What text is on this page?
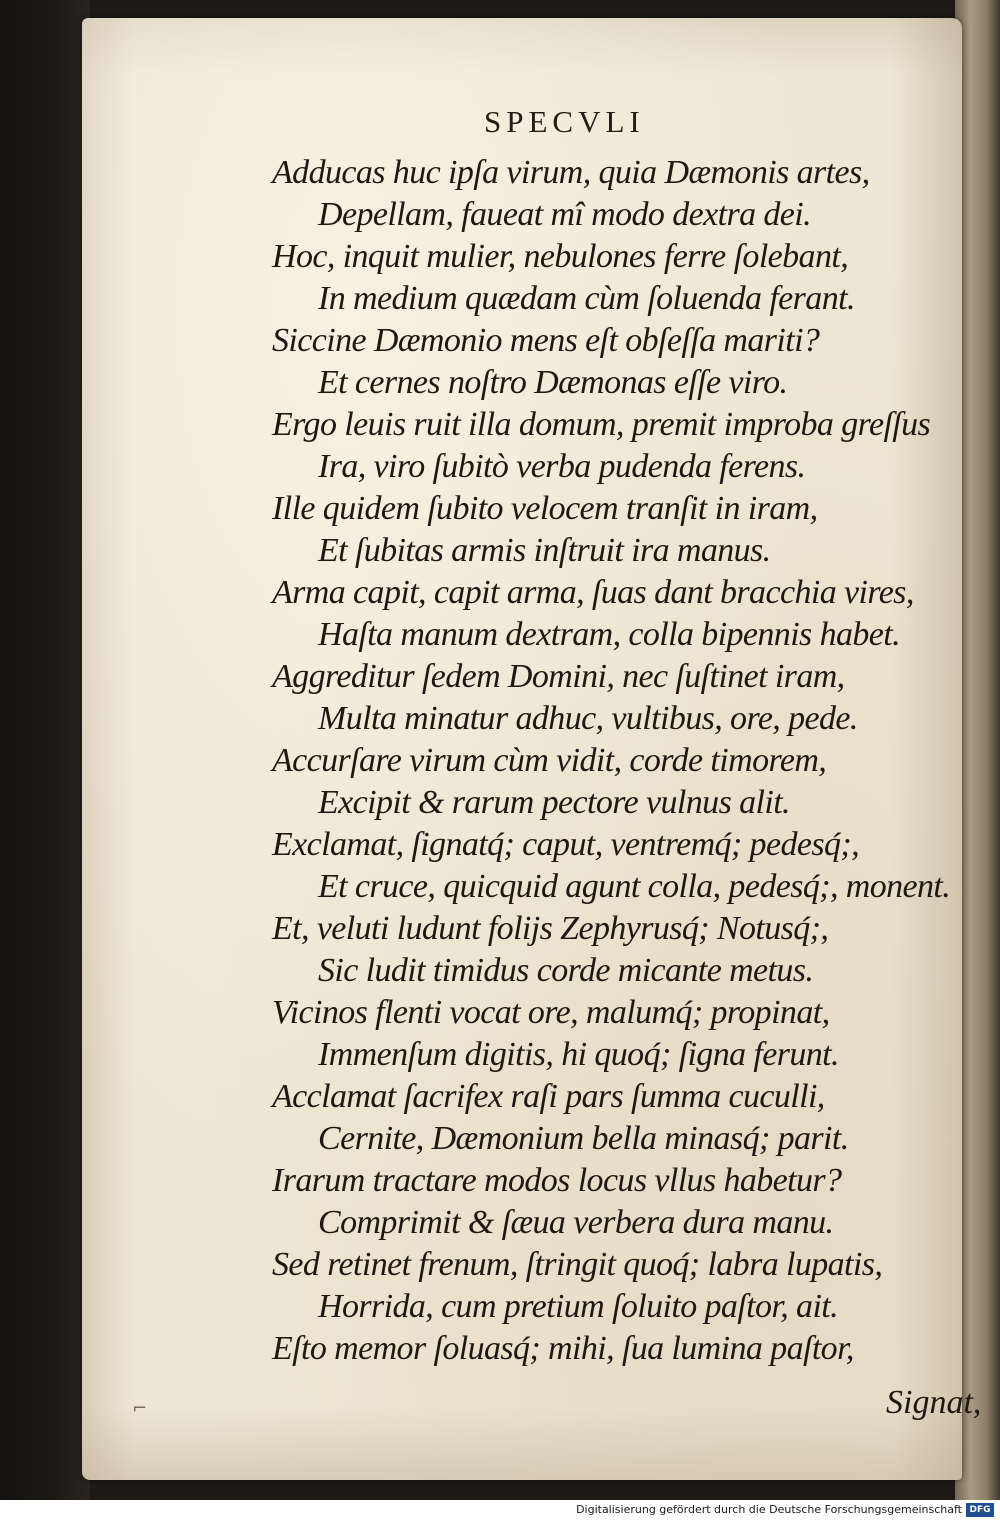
SPECVLI
Adducas huc ipſa virum, quia Dæmonis artes,
Depellam, faueat mî modo dextra dei.
Hoc, inquit mulier, nebulones ferre ſolebant,
In medium quædam cùm ſoluenda ferant.
Siccine Dæmonio mens eſt obſeſſa mariti?
Et cernes noſtro Dæmonas eſſe viro.
Ergo leuis ruit illa domum, premit improba greſſus
Ira, viro ſubitò verba pudenda ferens.
Ille quidem ſubito velocem tranſit in iram,
Et ſubitas armis inſtruit ira manus.
Arma capit, capit arma, ſuas dant bracchia vires,
Haſta manum dextram, colla bipennis habet.
Aggreditur ſedem Domini, nec ſuſtinet iram,
Multa minatur adhuc, vultibus, ore, pede.
Accurſare virum cùm vidit, corde timorem,
Excipit & rarum pectore vulnus alit.
Exclamat, ſignatq́; caput, ventremq́; pedesq́;,
Et cruce, quicquid agunt colla, pedesq́;, monent.
Et, veluti ludunt folijs Zephyrusq́; Notusq́;,
Sic ludit timidus corde micante metus.
Vicinos flenti vocat ore, malumq́; propinat,
Immenſum digitis, hi quoq́; ſigna ferunt.
Acclamat ſacrifex raſi pars ſumma cuculli,
Cernite, Dæmonium bella minasq́; parit.
Irarum tractare modos locus vllus habetur?
Comprimit & ſæua verbera dura manu.
Sed retinet frenum, ſtringit quoq́; labra lupatis,
Horrida, cum pretium ſoluito paſtor, ait.
Eſto memor ſoluasq́; mihi, ſua lumina paſtor,
⌐	Signat,
Digitalisierung gefördert durch die Deutsche Forschungsgemeinschaft DFG
